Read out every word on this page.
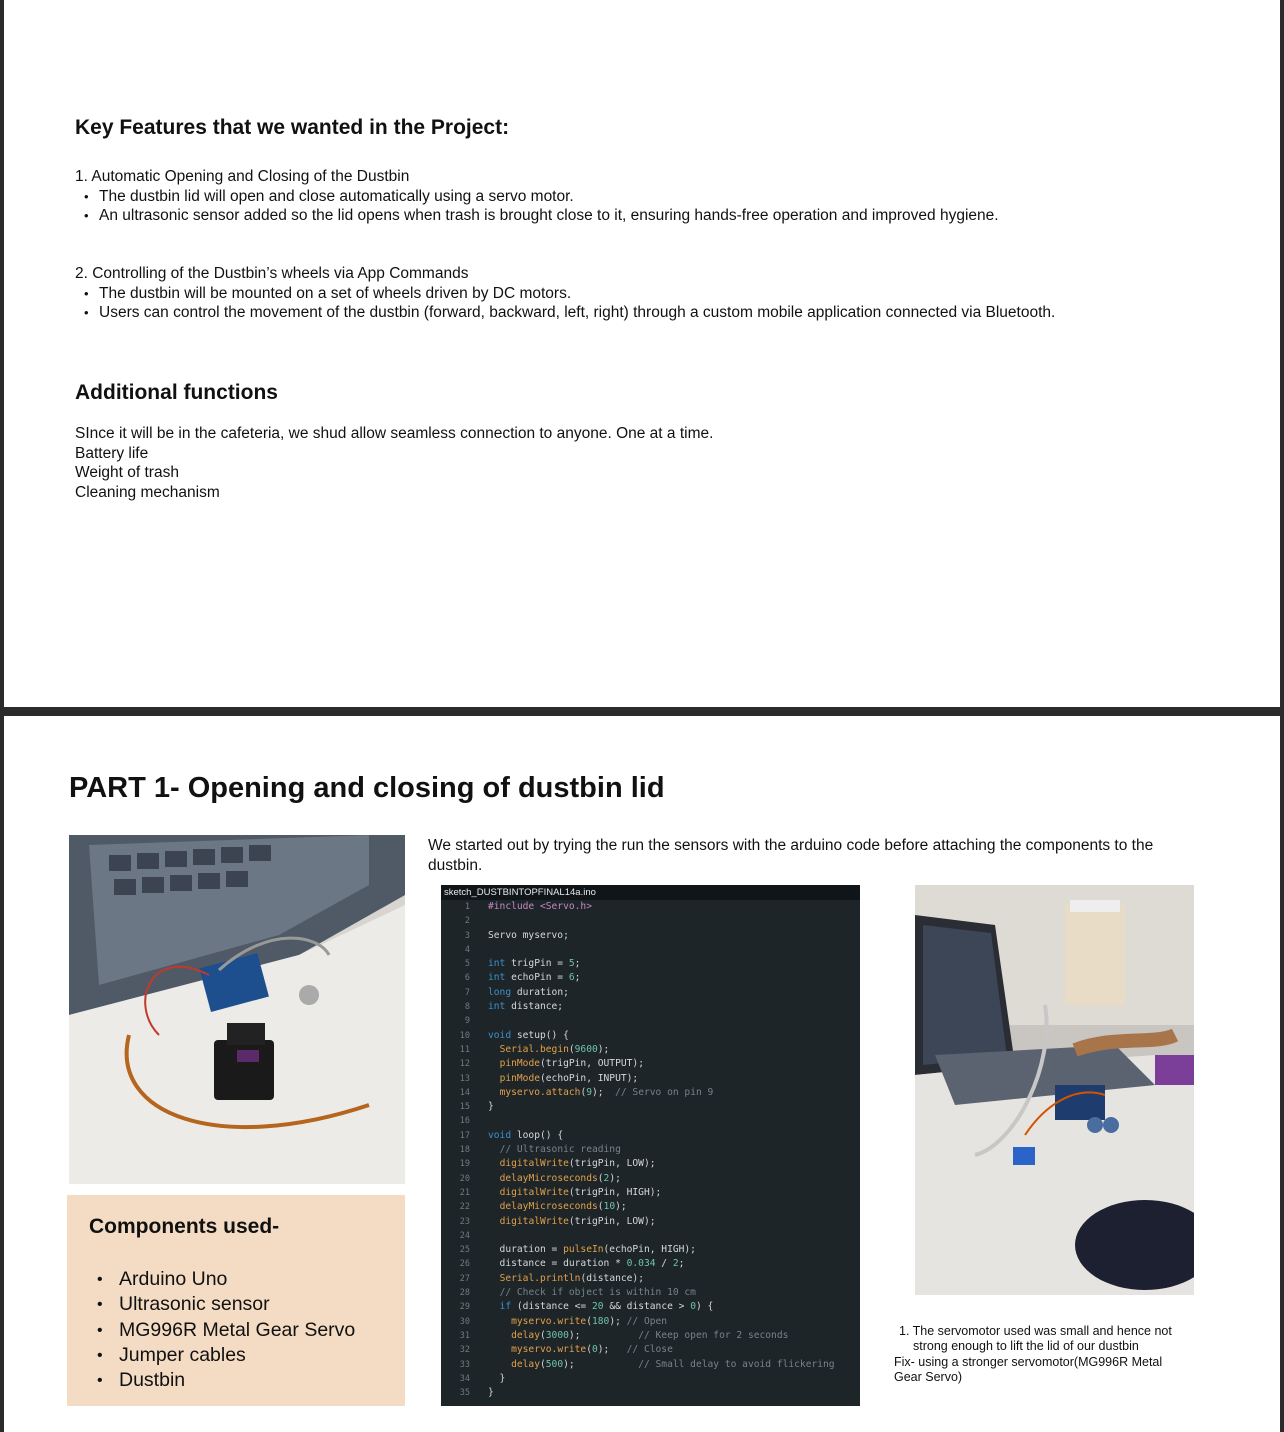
Key Features that we wanted in the Project:
1. Automatic Opening and Closing of the Dustbin
• The dustbin lid will open and close automatically using a servo motor.
• An ultrasonic sensor added so the lid opens when trash is brought close to it, ensuring hands-free operation and improved hygiene.
2. Controlling of the Dustbin’s wheels via App Commands
• The dustbin will be mounted on a set of wheels driven by DC motors.
• Users can control the movement of the dustbin (forward, backward, left, right) through a custom mobile application connected via Bluetooth.
Additional functions
SInce it will be in the cafeteria, we shud allow seamless connection to anyone. One at a time.
Battery life
Weight of trash
Cleaning mechanism
PART 1- Opening and closing of dustbin lid
Components used-
• Arduino Uno
• Ultrasonic sensor
• MG996R Metal Gear Servo
• Jumper cables
• Dustbin
We started out by trying the run the sensors with the arduino code before attaching the components to the dustbin.
sketch_DUSTBINTOPFINAL14a.ino
1 #include <Servo.h>
2
3 Servo myservo;
4
5 int trigPin = 5;
6 int echoPin = 6;
7 long duration;
8 int distance;
9
10 void setup() {
11	Serial.begin(9600);
12	pinMode(trigPin, OUTPUT);
13	pinMode(echoPin, INPUT);
14	myservo.attach(9);  // Servo on pin 9
15 }
16
17 void loop() {
18	// Ultrasonic reading
19	digitalWrite(trigPin, LOW);
20	delayMicroseconds(2);
21	digitalWrite(trigPin, HIGH);
22	delayMicroseconds(10);
23	digitalWrite(trigPin, LOW);
24
25 duration = pulseIn(echoPin, HIGH);
26 distance = duration * 0.034 / 2;
27	Serial.println(distance);
28	// Check if object is within 10 cm
29	if (distance <= 20 && distance > 0) {
30	myservo.write(180); // Open
31	delay(3000);          // Keep open for 2 seconds
32	myservo.write(0);   // Close
33	delay(500);           // Small delay to avoid flickering
34 }
35 }
1. The servomotor used was small and hence not
strong enough to lift the lid of our dustbin
Fix- using a stronger servomotor(MG996R Metal
Gear Servo)
